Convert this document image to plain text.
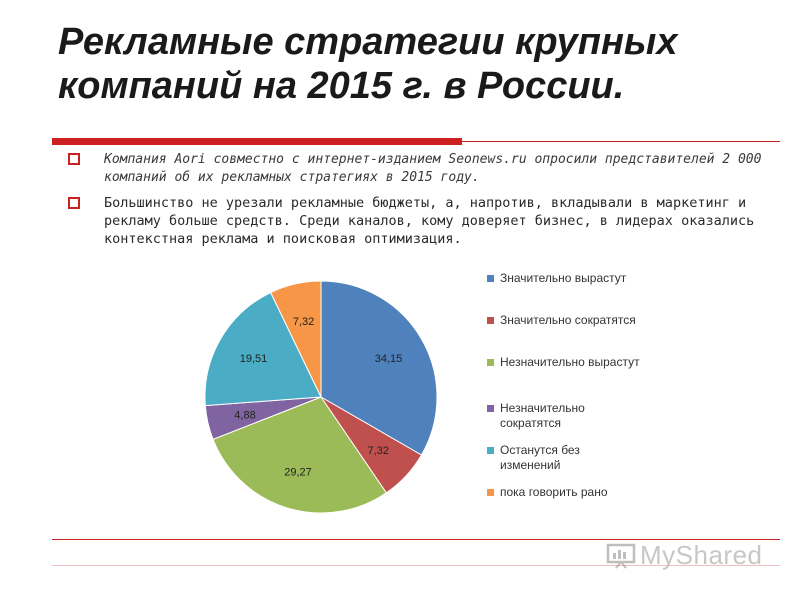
Рекламные стратегии крупных
компаний на 2015 г. в России.
Компания Aori совместно с интернет-изданием Seonews.ru опросили представителей 2 000 компаний об их рекламных стратегиях в 2015 году.
Большинство не урезали рекламные бюджеты, а, напротив, вкладывали в маркетинг и рекламу больше средств. Среди каналов, кому доверяет бизнес, в лидерах оказались контекстная реклама и поисковая оптимизация.
34,15
7,32
29,27
4,88
19,51
7,32
Значительно вырастут
Значительно сократятся
Незначительно вырастут
Незначительно
сократятся
Останутся без
изменений
пока говорить рано
MyShared
